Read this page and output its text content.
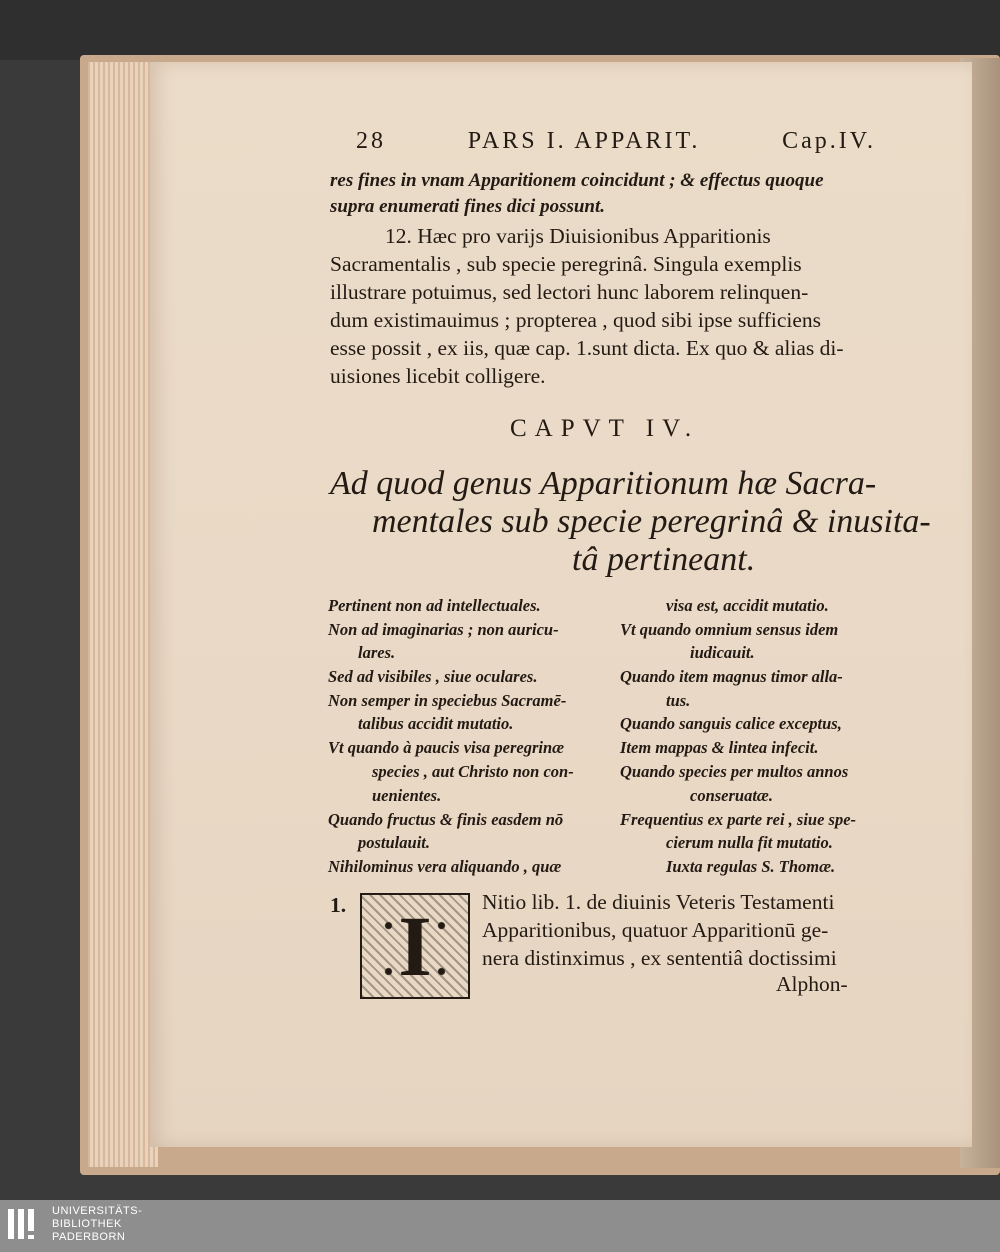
28	PARS I. APPARIT.	Cap.IV.
res fines in vnam Apparitionem coincidunt ; & effectus quoque
supra enumerati fines dici possunt.
12. Hæc pro varijs Diuisionibus Apparitionis
Sacramentalis , sub specie peregrinâ. Singula exemplis
illustrare potuimus, sed lectori hunc laborem relinquen-
dum existimauimus ; propterea , quod sibi ipse sufficiens
esse possit , ex iis, quæ cap. 1.sunt dicta. Ex quo & alias di-
uisiones licebit colligere.
CAPVT IV.
Ad quod genus Apparitionum hæ Sacra-
mentales sub specie peregrinâ & inusita-
tâ pertineant.
Pertinent non ad intellectuales.
Non ad imaginarias ; non auricu-
lares.
Sed ad visibiles , siue oculares.
Non semper in speciebus Sacramē-
talibus accidit mutatio.
Vt quando à paucis visa peregrinæ
species , aut Christo non con-
uenientes.
Quando fructus & finis easdem nō
postulauit.
Nihilominus vera aliquando , quæ
visa est, accidit mutatio.
Vt quando omnium sensus idem
iudicauit.
Quando item magnus timor alla-
tus.
Quando sanguis calice exceptus,
Item mappas & lintea infecit.
Quando species per multos annos
conseruatæ.
Frequentius ex parte rei , siue spe-
cierum nulla fit mutatio.
Iuxta regulas S. Thomæ.
1. I Nitio lib. 1. de diuinis Veteris Testamenti
Apparitionibus, quatuor Apparitionū ge-
nera distinximus , ex sententiâ doctissimi
Alphon-
UNIVERSITÄTS-
BIBLIOTHEK
PADERBORN
